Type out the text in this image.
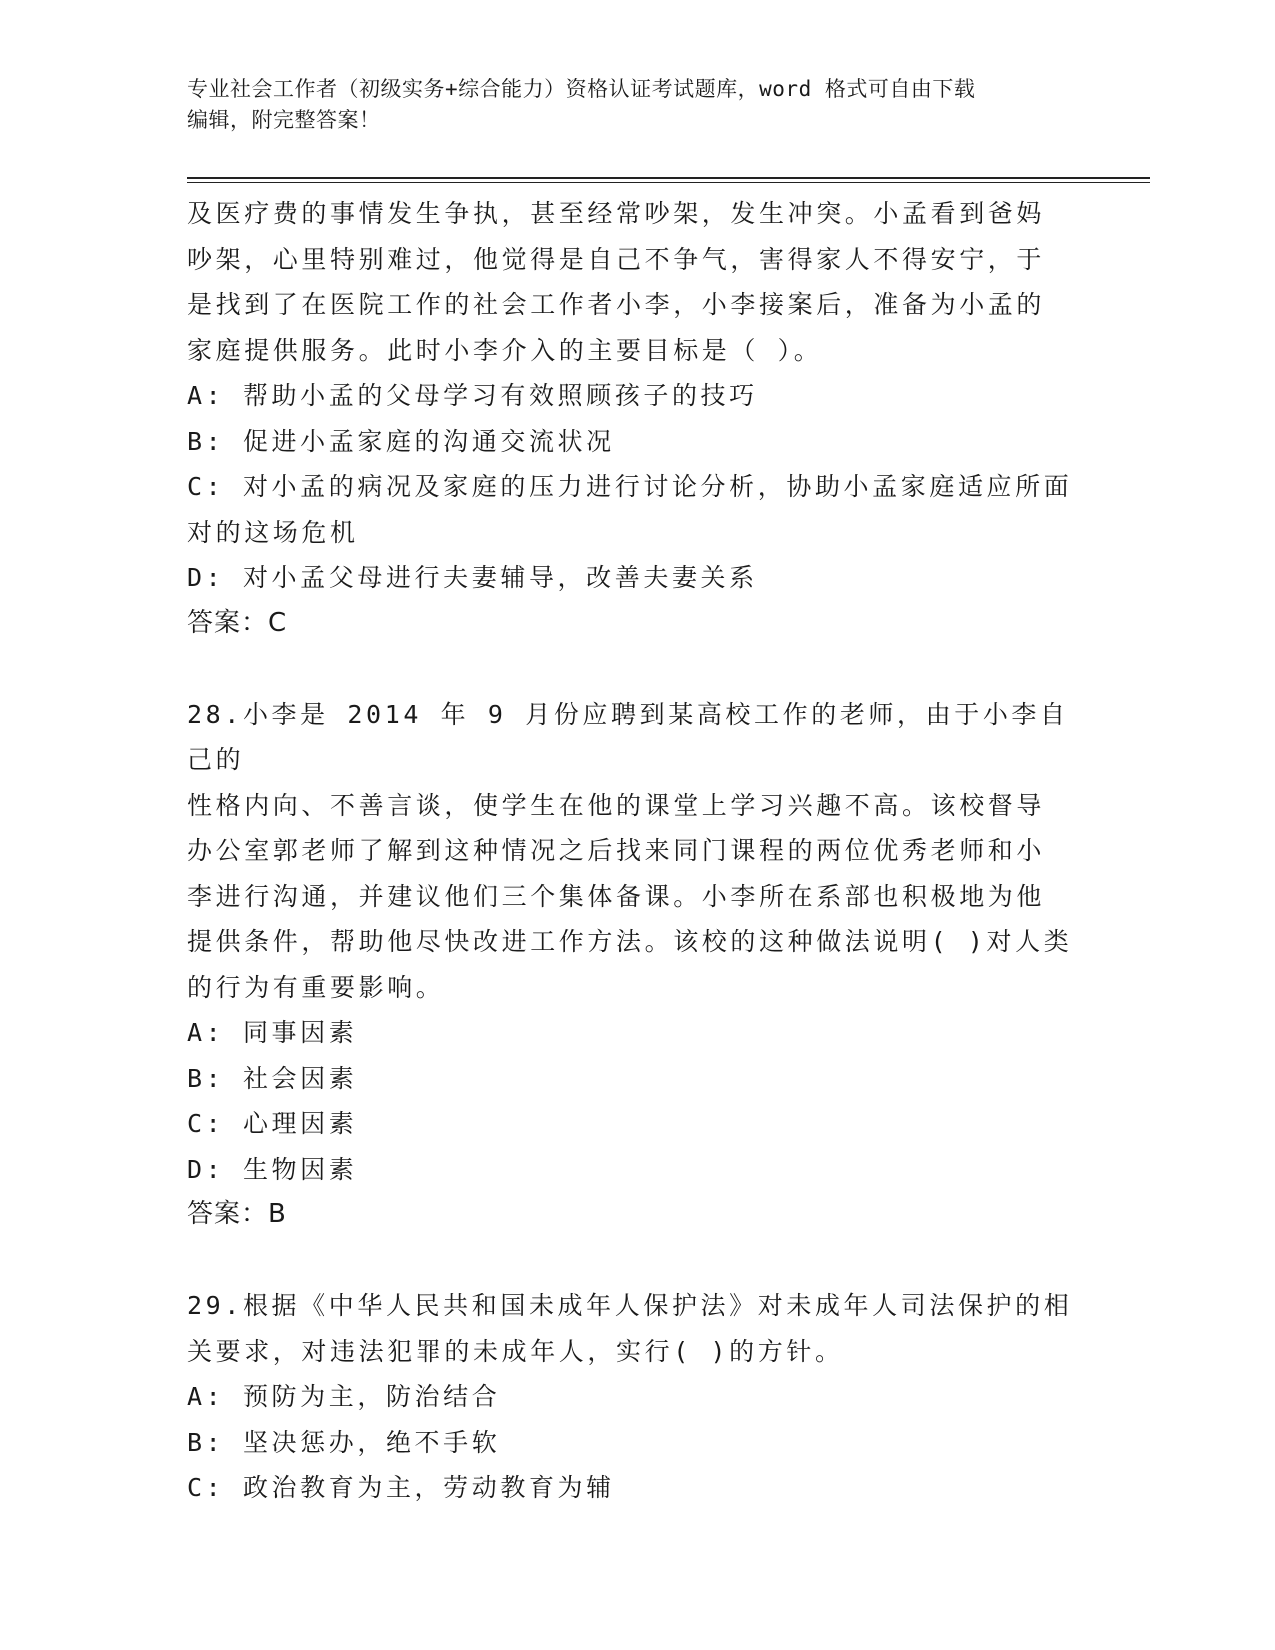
专业社会工作者（初级实务+综合能力）资格认证考试题库，word 格式可自由下载
编辑，附完整答案！

及医疗费的事情发生争执，甚至经常吵架，发生冲突。小孟看到爸妈

吵架，心里特别难过，他觉得是自己不争气，害得家人不得安宁，于

是找到了在医院工作的社会工作者小李，小李接案后，准备为小孟的

家庭提供服务。此时小李介入的主要目标是（ ）。

A: 帮助小孟的父母学习有效照顾孩子的技巧

B: 促进小孟家庭的沟通交流状况

C: 对小孟的病况及家庭的压力进行讨论分析，协助小孟家庭适应所面

对的这场危机

D: 对小孟父母进行夫妻辅导，改善夫妻关系

答案：C

28.小李是 2014 年 9 月份应聘到某高校工作的老师，由于小李自己的

性格内向、不善言谈，使学生在他的课堂上学习兴趣不高。该校督导

办公室郭老师了解到这种情况之后找来同门课程的两位优秀老师和小

李进行沟通，并建议他们三个集体备课。小李所在系部也积极地为他

提供条件，帮助他尽快改进工作方法。该校的这种做法说明( )对人类

的行为有重要影响。

A: 同事因素

B: 社会因素

C: 心理因素

D: 生物因素

答案：B

29.根据《中华人民共和国未成年人保护法》对未成年人司法保护的相

关要求，对违法犯罪的未成年人，实行( )的方针。

A: 预防为主，防治结合

B: 坚决惩办，绝不手软

C: 政治教育为主，劳动教育为辅
